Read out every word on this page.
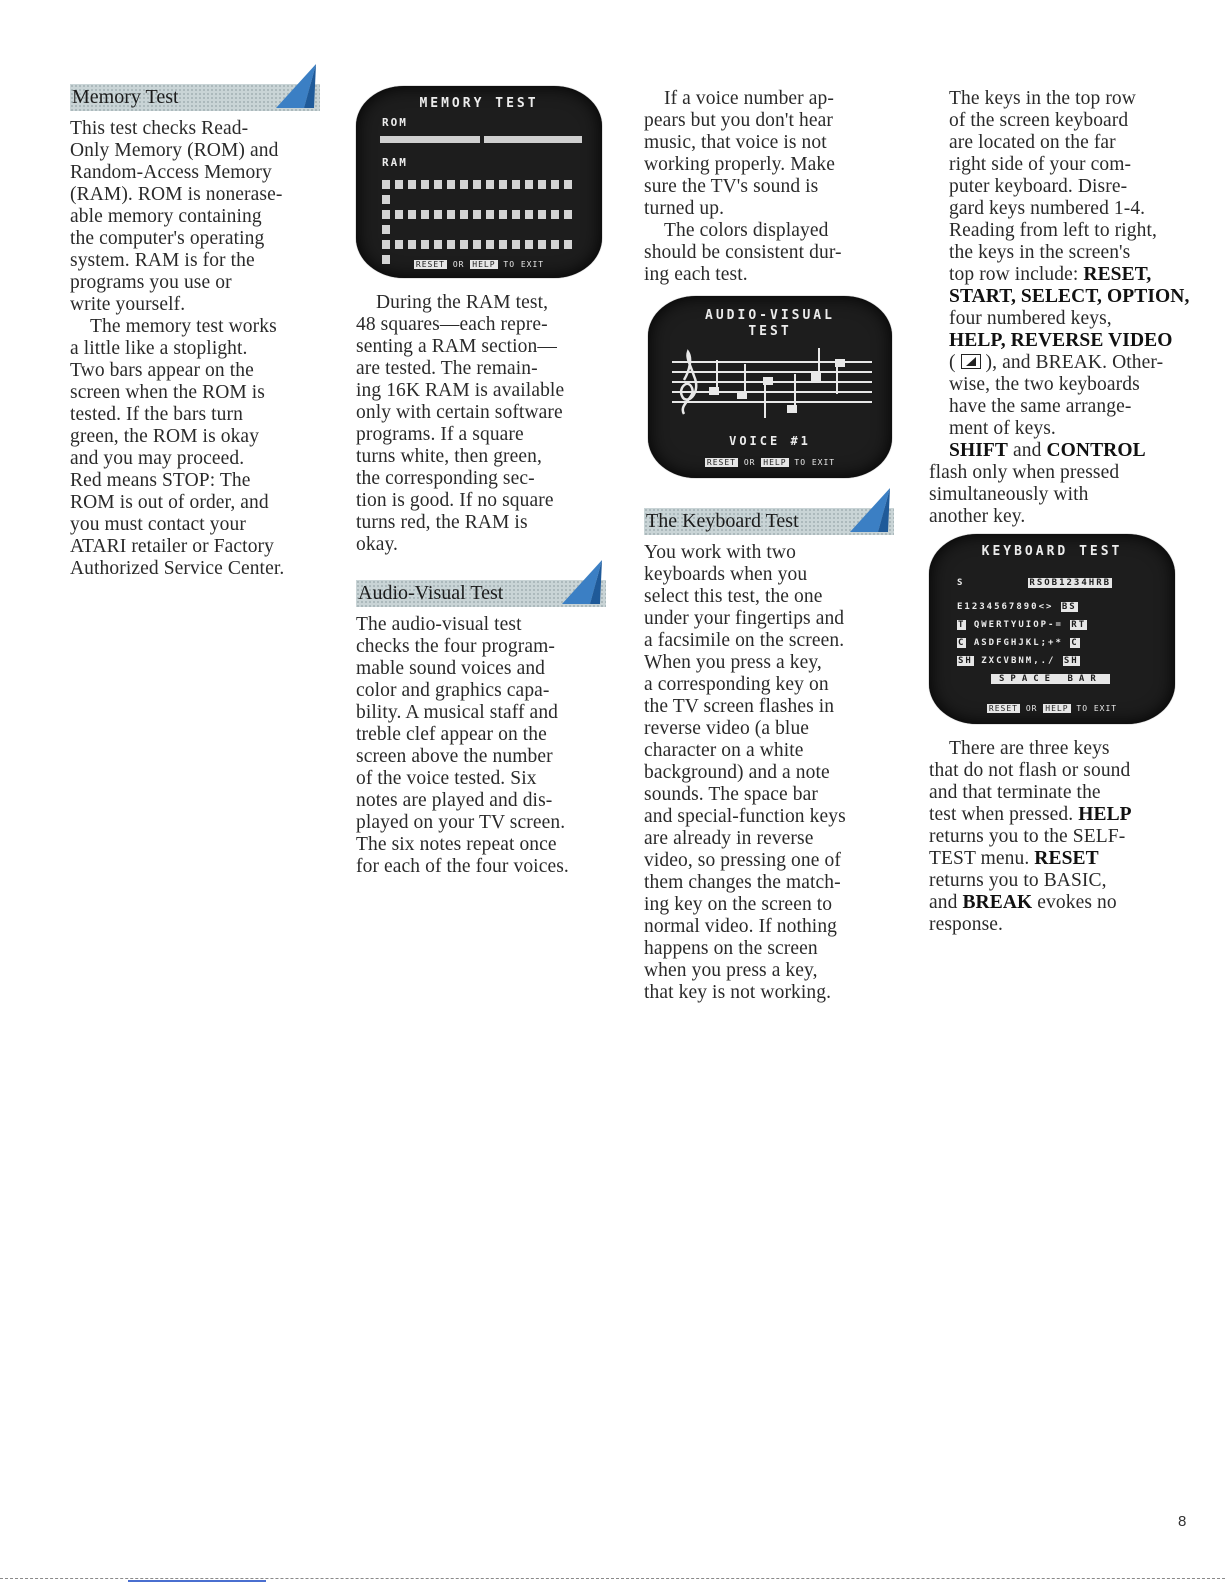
Memory Test
This test checks Read-
Only Memory (ROM) and
Random-Access Memory
(RAM). ROM is nonerase-
able memory containing
the computer's operating
system. RAM is for the
programs you use or
write yourself.
The memory test works
a little like a stoplight.
Two bars appear on the
screen when the ROM is
tested. If the bars turn
green, the ROM is okay
and you may proceed.
Red means STOP: The
ROM is out of order, and
you must contact your
ATARI retailer or Factory
Authorized Service Center.
MEMORY TEST
ROM
RAM
RESET OR HELP TO EXIT
During the RAM test,
48 squares—each repre-
senting a RAM section—
are tested. The remain-
ing 16K RAM is available
only with certain software
programs. If a square
turns white, then green,
the corresponding sec-
tion is good. If no square
turns red, the RAM is
okay.
Audio-Visual Test
The audio-visual test
checks the four program-
mable sound voices and
color and graphics capa-
bility. A musical staff and
treble clef appear on the
screen above the number
of the voice tested. Six
notes are played and dis-
played on your TV screen.
The six notes repeat once
for each of the four voices.
If a voice number ap-
pears but you don't hear
music, that voice is not
working properly. Make
sure the TV's sound is
turned up.
The colors displayed
should be consistent dur-
ing each test.
AUDIO-VISUAL
TEST
VOICE #1
RESET OR HELP TO EXIT
The Keyboard Test
You work with two
keyboards when you
select this test, the one
under your fingertips and
a facsimile on the screen.
When you press a key,
a corresponding key on
the TV screen flashes in
reverse video (a blue
character on a white
background) and a note
sounds. The space bar
and special-function keys
are already in reverse
video, so pressing one of
them changes the match-
ing key on the screen to
normal video. If nothing
happens on the screen
when you press a key,
that key is not working.
The keys in the top row
of the screen keyboard
are located on the far
right side of your com-
puter keyboard. Disre-
gard keys numbered 1-4.
Reading from left to right,
the keys in the screen's
top row include: RESET,
START, SELECT, OPTION,
four numbered keys,
HELP, REVERSE VIDEO
(
), and BREAK. Other-
wise, the two keyboards
have the same arrange-
ment of keys.
SHIFT and CONTROL
flash only when pressed
simultaneously with
another key.
KEYBOARD TEST
S	RSOB1234HRB
E1234567890<> BS
T QWERTYUIOP-= RT
C ASDFGHJKL;+* C
SH ZXCVBNM,./ SH
SPACE BAR
RESET OR HELP TO EXIT
There are three keys
that do not flash or sound
and that terminate the
test when pressed. HELP
returns you to the SELF-
TEST menu. RESET
returns you to BASIC,
and BREAK evokes no
response.
8
